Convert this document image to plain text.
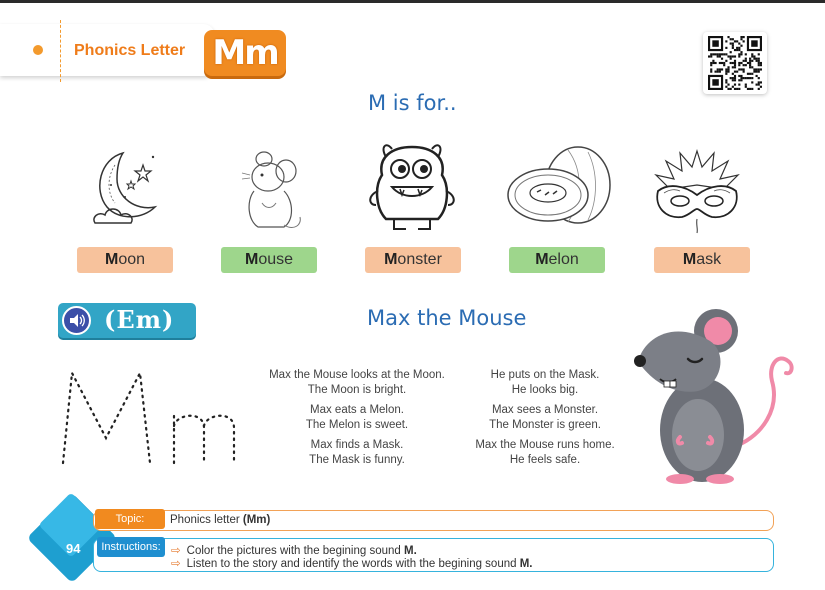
Phonics Letter Mm
M is for..
Moon	Mouse	Monster	Melon	Mask
(Em)	Max the Mouse

Max the Mouse looks at the Moon.
The Moon is bright.

Max eats a Melon.
The Melon is sweet.

Max finds a Mask.
The Mask is funny.

He puts on the Mask.
He looks big.

Max sees a Monster.
The Monster is green.

Max the Mouse runs home.
He feels safe.

94
Topic:	Phonics letter (Mm)
Instructions: ⇨ Color the pictures with the begining sound M.
⇨ Listen to the story and identify the words with the begining sound M.
